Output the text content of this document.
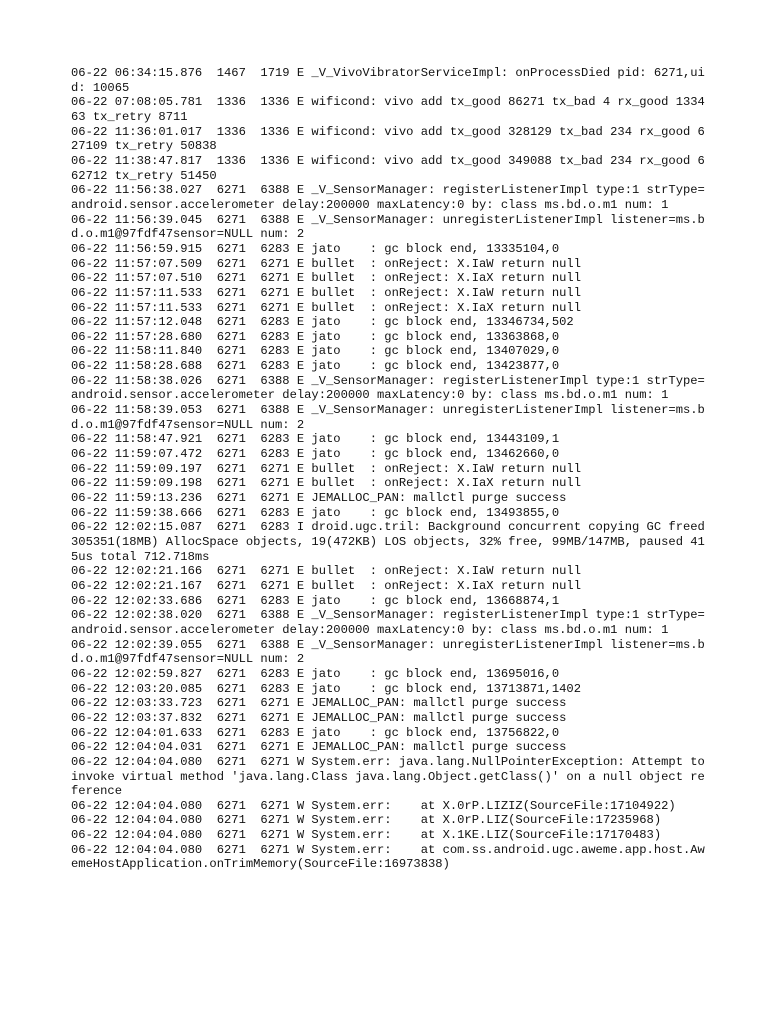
06-22 06:34:15.876  1467  1719 E _V_VivoVibratorServiceImpl: onProcessDied pid: 6271,uid: 10065
06-22 07:08:05.781  1336  1336 E wificond: vivo add tx_good 86271 tx_bad 4 rx_good 133463 tx_retry 8711
06-22 11:36:01.017  1336  1336 E wificond: vivo add tx_good 328129 tx_bad 234 rx_good 627109 tx_retry 50838
06-22 11:38:47.817  1336  1336 E wificond: vivo add tx_good 349088 tx_bad 234 rx_good 662712 tx_retry 51450
06-22 11:56:38.027  6271  6388 E _V_SensorManager: registerListenerImpl type:1 strType=android.sensor.accelerometer delay:200000 maxLatency:0 by: class ms.bd.o.m1 num: 1
06-22 11:56:39.045  6271  6388 E _V_SensorManager: unregisterListenerImpl listener=ms.bd.o.m1@97fdf47sensor=NULL num: 2
06-22 11:56:59.915  6271  6283 E jato    : gc block end, 13335104,0
06-22 11:57:07.509  6271  6271 E bullet  : onReject: X.IaW return null
06-22 11:57:07.510  6271  6271 E bullet  : onReject: X.IaX return null
06-22 11:57:11.533  6271  6271 E bullet  : onReject: X.IaW return null
06-22 11:57:11.533  6271  6271 E bullet  : onReject: X.IaX return null
06-22 11:57:12.048  6271  6283 E jato    : gc block end, 13346734,502
06-22 11:57:28.680  6271  6283 E jato    : gc block end, 13363868,0
06-22 11:58:11.840  6271  6283 E jato    : gc block end, 13407029,0
06-22 11:58:28.688  6271  6283 E jato    : gc block end, 13423877,0
06-22 11:58:38.026  6271  6388 E _V_SensorManager: registerListenerImpl type:1 strType=android.sensor.accelerometer delay:200000 maxLatency:0 by: class ms.bd.o.m1 num: 1
06-22 11:58:39.053  6271  6388 E _V_SensorManager: unregisterListenerImpl listener=ms.bd.o.m1@97fdf47sensor=NULL num: 2
06-22 11:58:47.921  6271  6283 E jato    : gc block end, 13443109,1
06-22 11:59:07.472  6271  6283 E jato    : gc block end, 13462660,0
06-22 11:59:09.197  6271  6271 E bullet  : onReject: X.IaW return null
06-22 11:59:09.198  6271  6271 E bullet  : onReject: X.IaX return null
06-22 11:59:13.236  6271  6271 E JEMALLOC_PAN: mallctl purge success
06-22 11:59:38.666  6271  6283 E jato    : gc block end, 13493855,0
06-22 12:02:15.087  6271  6283 I droid.ugc.tril: Background concurrent copying GC freed 305351(18MB) AllocSpace objects, 19(472KB) LOS objects, 32% free, 99MB/147MB, paused 415us total 712.718ms
06-22 12:02:21.166  6271  6271 E bullet  : onReject: X.IaW return null
06-22 12:02:21.167  6271  6271 E bullet  : onReject: X.IaX return null
06-22 12:02:33.686  6271  6283 E jato    : gc block end, 13668874,1
06-22 12:02:38.020  6271  6388 E _V_SensorManager: registerListenerImpl type:1 strType=android.sensor.accelerometer delay:200000 maxLatency:0 by: class ms.bd.o.m1 num: 1
06-22 12:02:39.055  6271  6388 E _V_SensorManager: unregisterListenerImpl listener=ms.bd.o.m1@97fdf47sensor=NULL num: 2
06-22 12:02:59.827  6271  6283 E jato    : gc block end, 13695016,0
06-22 12:03:20.085  6271  6283 E jato    : gc block end, 13713871,1402
06-22 12:03:33.723  6271  6271 E JEMALLOC_PAN: mallctl purge success
06-22 12:03:37.832  6271  6271 E JEMALLOC_PAN: mallctl purge success
06-22 12:04:01.633  6271  6283 E jato    : gc block end, 13756822,0
06-22 12:04:04.031  6271  6271 E JEMALLOC_PAN: mallctl purge success
06-22 12:04:04.080  6271  6271 W System.err: java.lang.NullPointerException: Attempt to invoke virtual method 'java.lang.Class java.lang.Object.getClass()' on a null object reference
06-22 12:04:04.080  6271  6271 W System.err:    at X.0rP.LIZIZ(SourceFile:17104922)
06-22 12:04:04.080  6271  6271 W System.err:    at X.0rP.LIZ(SourceFile:17235968)
06-22 12:04:04.080  6271  6271 W System.err:    at X.1KE.LIZ(SourceFile:17170483)
06-22 12:04:04.080  6271  6271 W System.err:    at com.ss.android.ugc.aweme.app.host.AwemeHostApplication.onTrimMemory(SourceFile:16973838)
